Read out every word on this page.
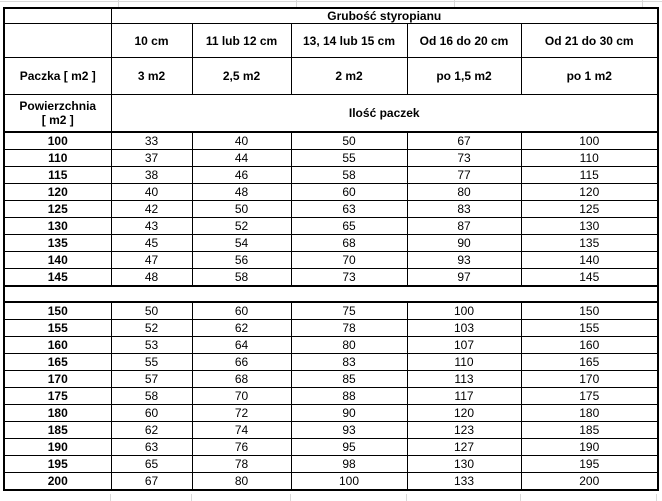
	Grubość styropianu				
	10 cm	11 lub 12 cm	13, 14 lub 15 cm	Od 16 do 20 cm	Od 21 do 30 cm
Paczka [ m2 ]	3 m2	2,5 m2	2 m2	po 1,5 m2	po 1 m2

Powierzchnia
[ m2 ]	Ilość paczek				
100	33	40	50	67	100
110	37	44	55	73	110
115	38	46	58	77	115
120	40	48	60	80	120
125	42	50	63	83	125
130	43	52	65	87	130
135	45	54	68	90	135
140	47	56	70	93	140
145	48	58	73	97	145

150	50	60	75	100	150
155	52	62	78	103	155
160	53	64	80	107	160
165	55	66	83	110	165
170	57	68	85	113	170
175	58	70	88	117	175
180	60	72	90	120	180
185	62	74	93	123	185
190	63	76	95	127	190
195	65	78	98	130	195
200	67	80	100	133	200
